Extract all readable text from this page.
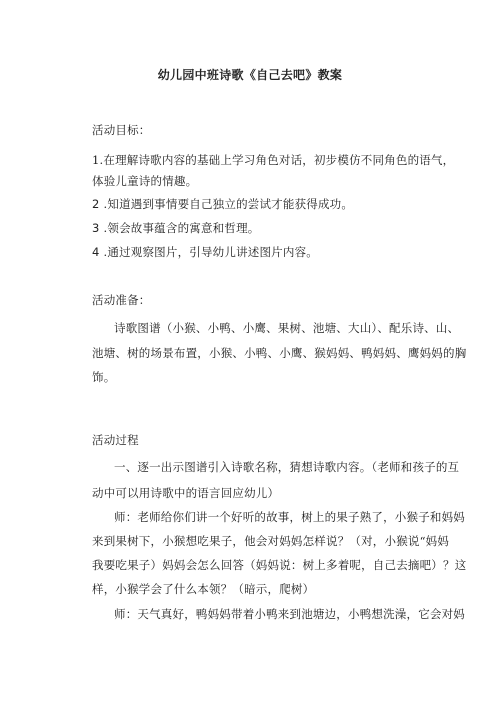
幼儿园中班诗歌《自己去吧》教案
活动目标：
1.在理解诗歌内容的基础上学习角色对话，初步模仿不同角色的语气，
体验儿童诗的情趣。
2 .知道遇到事情要自己独立的尝试才能获得成功。
3 .领会故事蕴含的寓意和哲理。
4 .通过观察图片，引导幼儿讲述图片内容。
活动准备：
诗歌图谱（小猴、小鸭、小鹰、果树、池塘、大山）、配乐诗、山、
池塘、树的场景布置，小猴、小鸭、小鹰、猴妈妈、鸭妈妈、鹰妈妈的胸
饰。
活动过程
一、逐一出示图谱引入诗歌名称，猜想诗歌内容。（老师和孩子的互
动中可以用诗歌中的语言回应幼儿）
师：老师给你们讲一个好听的故事，树上的果子熟了，小猴子和妈妈
来到果树下，小猴想吃果子，他会对妈妈怎样说？（对，小猴说“妈妈
我要吃果子）妈妈会怎么回答（妈妈说：树上多着呢，自己去摘吧）？这
样，小猴学会了什么本领？（暗示，爬树）
师：天气真好，鸭妈妈带着小鸭来到池塘边，小鸭想洗澡，它会对妈
